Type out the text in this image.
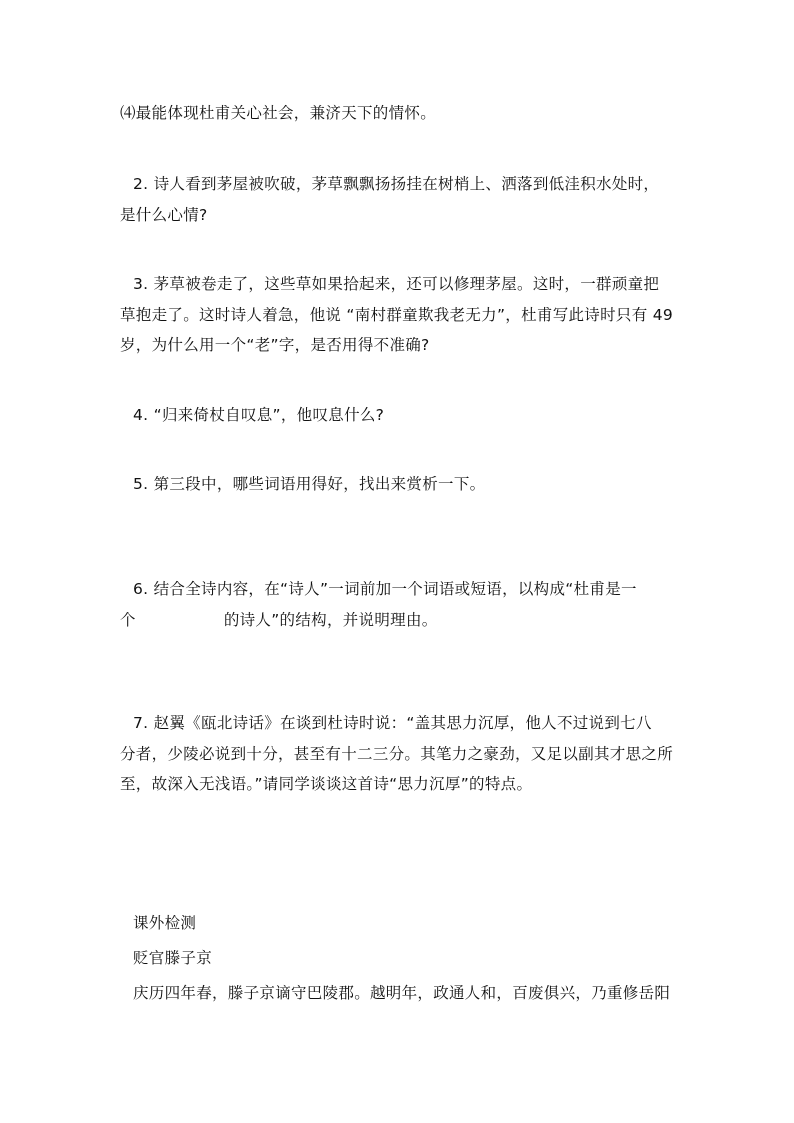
⑷最能体现杜甫关心社会，兼济天下的情怀。
2. 诗人看到茅屋被吹破，茅草飘飘扬扬挂在树梢上、洒落到低洼积水处时，
是什么心情?
3. 茅草被卷走了，这些草如果拾起来，还可以修理茅屋。这时，一群顽童把
草抱走了。这时诗人着急，他说 “南村群童欺我老无力”，杜甫写此诗时只有 49
岁，为什么用一个“老”字，是否用得不准确?
4. “归来倚杖自叹息”，他叹息什么?
5. 第三段中，哪些词语用得好，找出来赏析一下。
6. 结合全诗内容，在“诗人”一词前加一个词语或短语，以构成“杜甫是一
个	的诗人”的结构，并说明理由。
7. 赵翼《瓯北诗话》在谈到杜诗时说：“盖其思力沉厚，他人不过说到七八
分者，少陵必说到十分，甚至有十二三分。其笔力之豪劲，又足以副其才思之所
至，故深入无浅语。”请同学谈谈这首诗“思力沉厚”的特点。
课外检测
贬官滕子京
庆历四年春，滕子京谪守巴陵郡。越明年，政通人和，百废俱兴，乃重修岳阳
